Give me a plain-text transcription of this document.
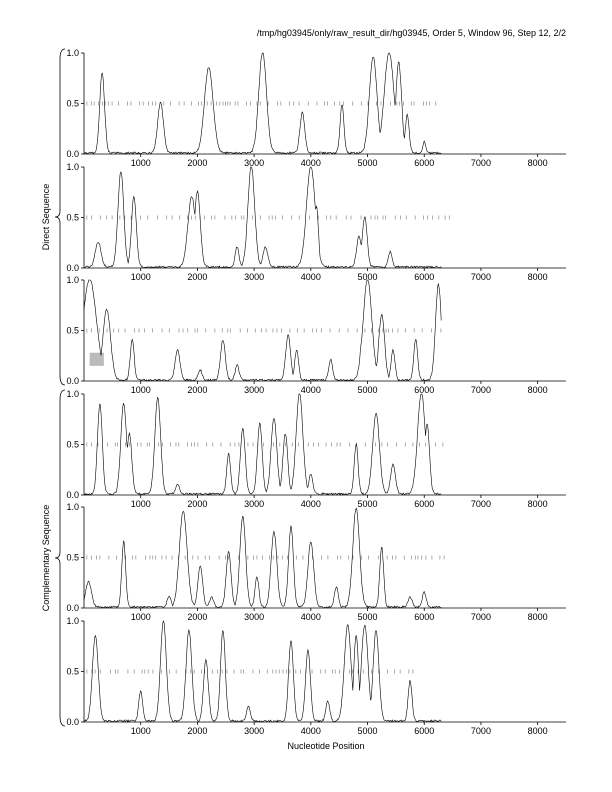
/tmp/hg03945/only/raw_result_dir/hg03945, Order 5, Window 96, Step 12, 2/2
0.0
0.5
1.0
1000	2000	3000	4000	5000	6000	7000	8000
0.0
0.5
1.0
1000	2000	3000	4000	5000	6000	7000	8000
0.0
0.5
1.0
1000	2000	3000	4000	5000	6000	7000	8000
0.0
0.5
1.0
1000	2000	3000	4000	5000	6000	7000	8000
0.0
0.5
1.0
1000	2000	3000	4000	5000	6000	7000	8000
0.0
0.5
1.0
1000	2000	3000	4000	5000	6000	7000	8000
Direct Sequence
Complementary Sequence
Nucleotide Position
